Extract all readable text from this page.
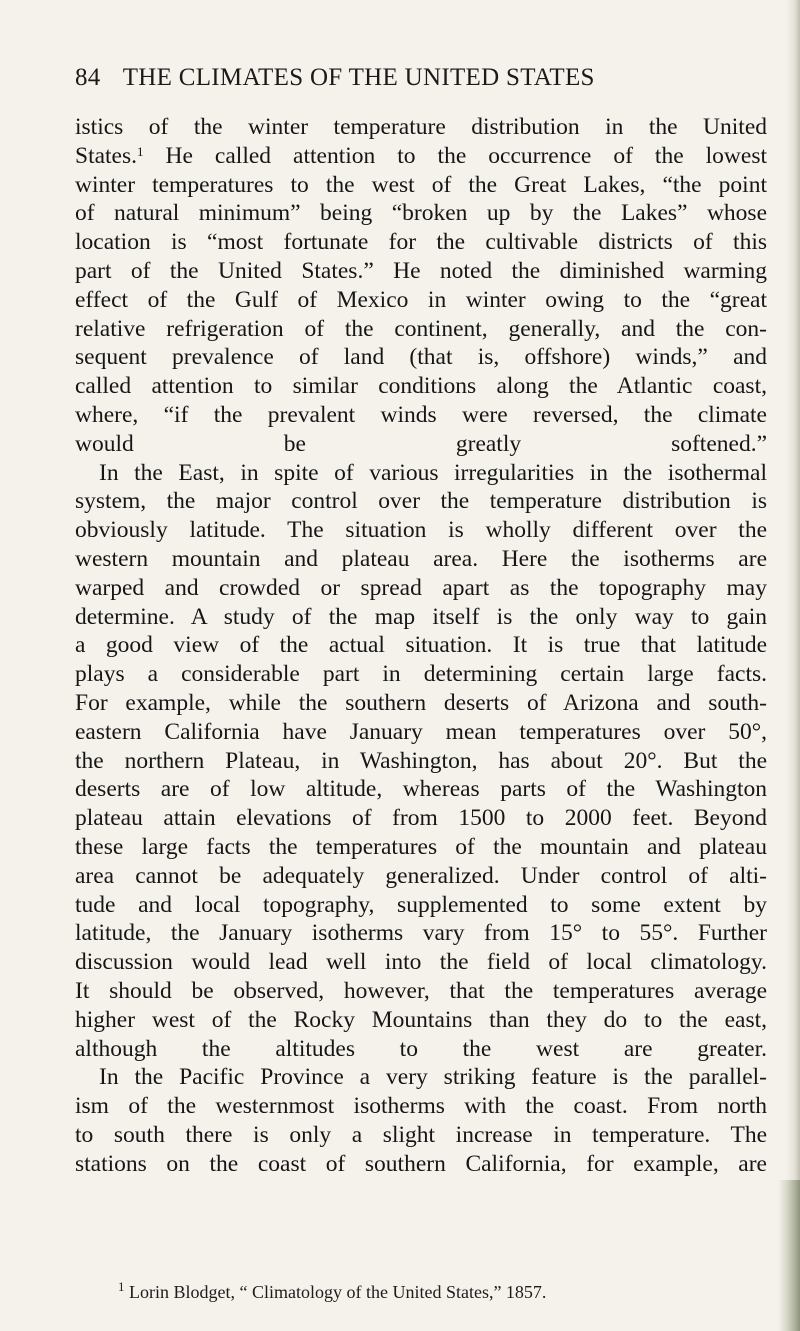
84 THE CLIMATES OF THE UNITED STATES

istics of the winter temperature distribution in the United
States.$^1$ He called attention to the occurrence of the lowest
winter temperatures to the west of the Great Lakes, “the point
of natural minimum” being “broken up by the Lakes” whose
location is “most fortunate for the cultivable districts of this
part of the United States.” He noted the diminished warming
effect of the Gulf of Mexico in winter owing to the “great
relative refrigeration of the continent, generally, and the con-
sequent prevalence of land (that is, offshore) winds,” and
called attention to similar conditions along the Atlantic coast,
where, “if the prevalent winds were reversed, the climate
would be greatly softened.”

In the East, in spite of various irregularities in the isothermal
system, the major control over the temperature distribution is
obviously latitude. The situation is wholly different over the
western mountain and plateau area. Here the isotherms are
warped and crowded or spread apart as the topography may
determine. A study of the map itself is the only way to gain
a good view of the actual situation. It is true that latitude
plays a considerable part in determining certain large facts.
For example, while the southern deserts of Arizona and south-
eastern California have January mean temperatures over 50°,
the northern Plateau, in Washington, has about 20°. But the
deserts are of low altitude, whereas parts of the Washington
plateau attain elevations of from 1500 to 2000 feet. Beyond
these large facts the temperatures of the mountain and plateau
area cannot be adequately generalized. Under control of alti-
tude and local topography, supplemented to some extent by
latitude, the January isotherms vary from 15° to 55°. Further
discussion would lead well into the field of local climatology.
It should be observed, however, that the temperatures average
higher west of the Rocky Mountains than they do to the east,
although the altitudes to the west are greater.

In the Pacific Province a very striking feature is the parallel-
ism of the westernmost isotherms with the coast. From north
to south there is only a slight increase in temperature. The
stations on the coast of southern California, for example, are

$^1$ Lorin Blodget, “ Climatology of the United States,” 1857.
